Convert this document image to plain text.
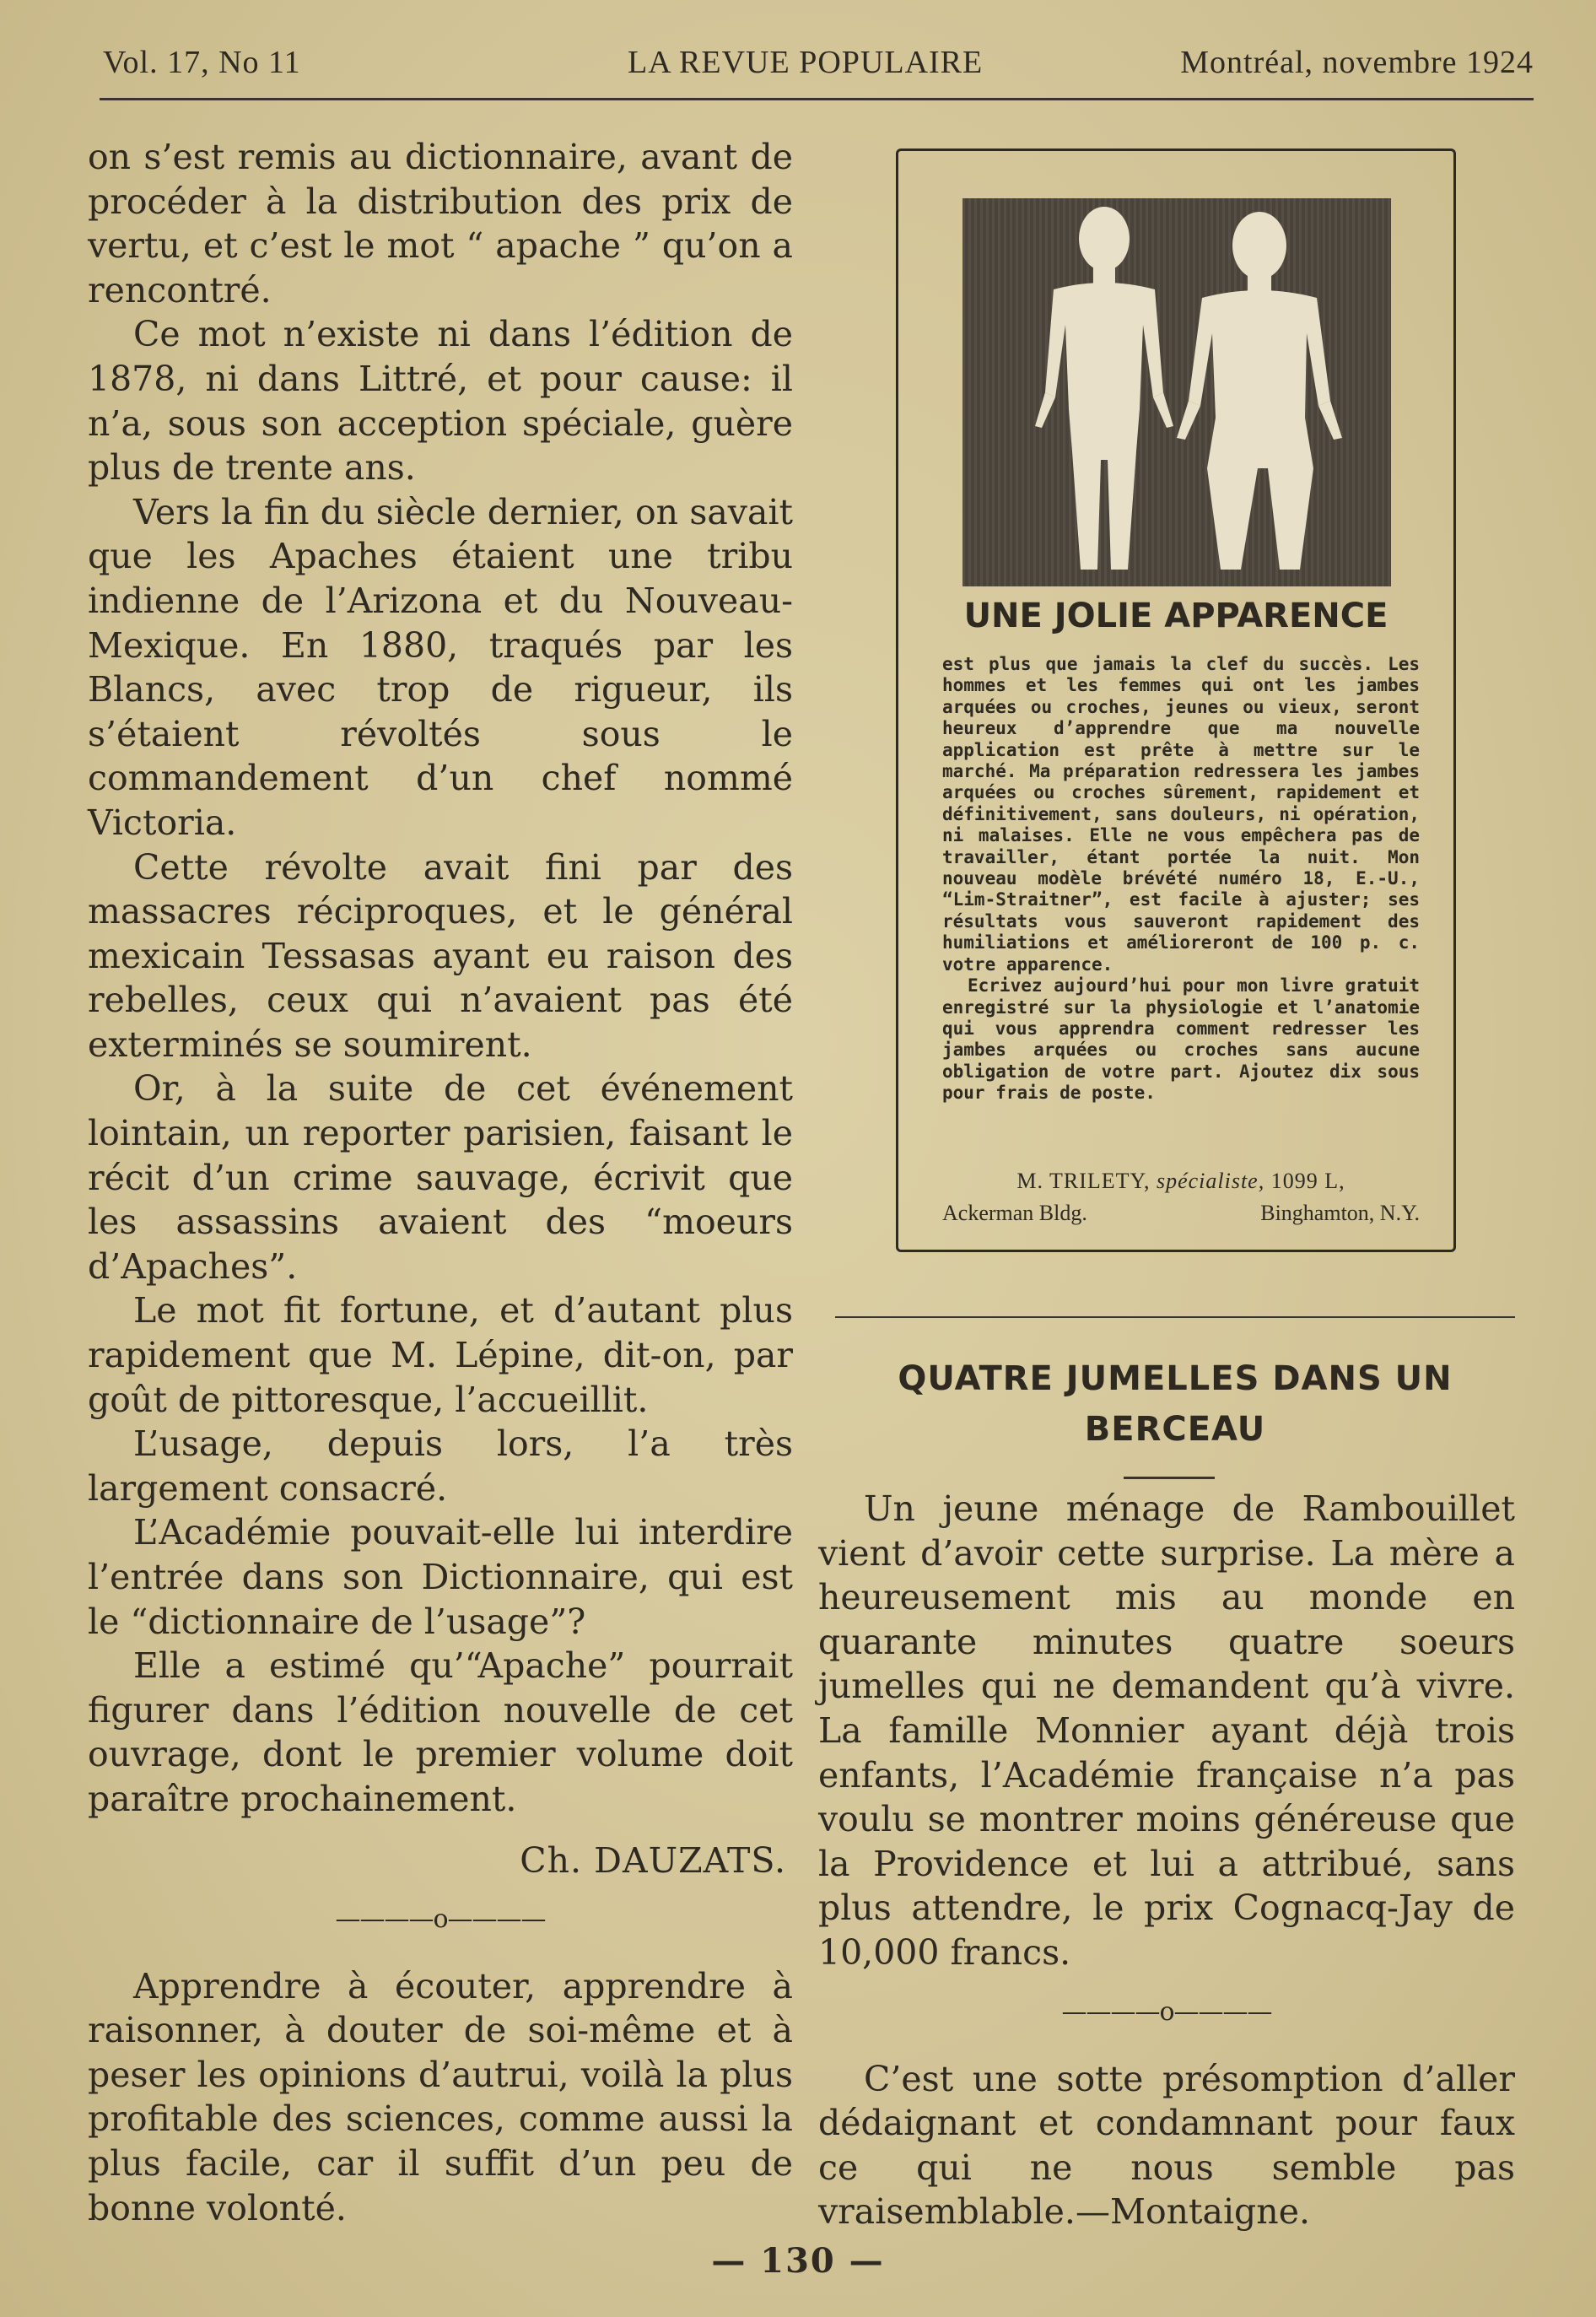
Vol. 17, No 11	LA REVUE POPULAIRE	Montréal, novembre 1924

on s’est remis au dictionnaire, avant de procéder à la distribution des prix de vertu, et c’est le mot “ apache ” qu’on a rencontré.

Ce mot n’existe ni dans l’édition de 1878, ni dans Littré, et pour cause: il n’a, sous son acception spéciale, guère plus de trente ans.

Vers la fin du siècle dernier, on savait que les Apaches étaient une tribu indienne de l’Arizona et du Nouveau-Mexique. En 1880, traqués par les Blancs, avec trop de rigueur, ils s’étaient révoltés sous le commandement d’un chef nommé Victoria.

Cette révolte avait fini par des massacres réciproques, et le général mexicain Tessasas ayant eu raison des rebelles, ceux qui n’avaient pas été exterminés se soumirent.

Or, à la suite de cet événement lointain, un reporter parisien, faisant le récit d’un crime sauvage, écrivit que les assassins avaient des “moeurs d’Apaches”.

Le mot fit fortune, et d’autant plus rapidement que M. Lépine, dit-on, par goût de pittoresque, l’accueillit.

L’usage, depuis lors, l’a très largement consacré.

L’Académie pouvait-elle lui interdire l’entrée dans son Dictionnaire, qui est le “dictionnaire de l’usage”?

Elle a estimé qu’“Apache” pourrait figurer dans l’édition nouvelle de cet ouvrage, dont le premier volume doit paraître prochainement.

Ch. DAUZATS.

————o————

Apprendre à écouter, apprendre à raisonner, à douter de soi-même et à peser les opinions d’autrui, voilà la plus profitable des sciences, comme aussi la plus facile, car il suffit d’un peu de bonne volonté.

UNE JOLIE APPARENCE
est plus que jamais la clef du succès. Les hommes et les femmes qui ont les jambes arquées ou croches, jeunes ou vieux, seront heureux d’apprendre que ma nouvelle application est prête à mettre sur le marché. Ma préparation redressera les jambes arquées ou croches sûrement, rapidement et définitivement, sans douleurs, ni opération, ni malaises. Elle ne vous empêchera pas de travailler, étant portée la nuit. Mon nouveau modèle brévété numéro 18, E.-U., “Lim-Straitner”, est facile à ajuster; ses résultats vous sauveront rapidement des humiliations et amélioreront de 100 p. c. votre apparence.
Ecrivez aujourd’hui pour mon livre gratuit enregistré sur la physiologie et l’anatomie qui vous apprendra comment redresser les jambes arquées ou croches sans aucune obligation de votre part. Ajoutez dix sous pour frais de poste.
M. TRILETY, spécialiste, 1099 L,
Ackerman Bldg.	Binghamton, N.Y.
QUATRE JUMELLES DANS UN
BERCEAU

Un jeune ménage de Rambouillet vient d’avoir cette surprise. La mère a heureusement mis au monde en quarante minutes quatre soeurs jumelles qui ne demandent qu’à vivre. La famille Monnier ayant déjà trois enfants, l’Académie française n’a pas voulu se montrer moins généreuse que la Providence et lui a attribué, sans plus attendre, le prix Cognacq-Jay de 10,000 francs.

————o————

C’est une sotte présomption d’aller dédaignant et condamnant pour faux ce qui ne nous semble pas vraisemblable.—Montaigne.

— 130 —
